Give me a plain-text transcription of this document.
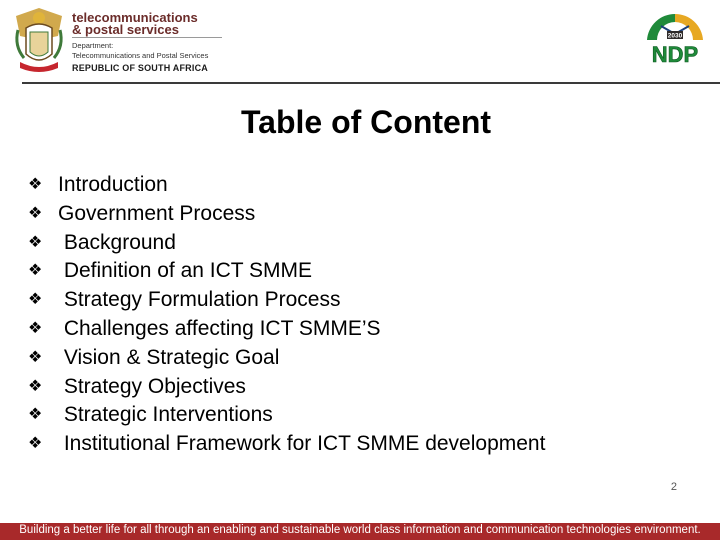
telecommunications
& postal services
Department:
Telecommunications and Postal Services
REPUBLIC OF SOUTH AFRICA
2030
NDP
Table of Content
❖ Introduction
❖ Government Process
❖ Background
❖ Definition of an ICT SMME
❖ Strategy Formulation Process
❖ Challenges affecting ICT SMME’S
❖ Vision & Strategic Goal
❖ Strategy Objectives
❖ Strategic Interventions
❖ Institutional Framework for ICT SMME development
2
Building a better life for all through an enabling and sustainable world class information and communication technologies environment.
